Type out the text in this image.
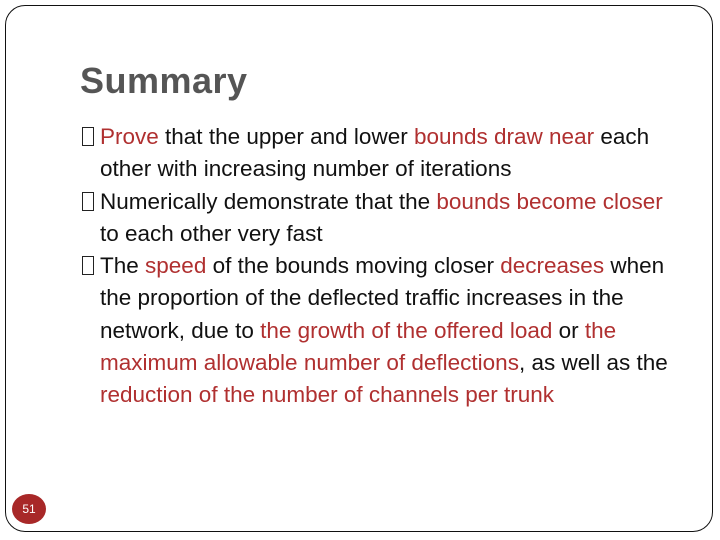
Summary
Prove that the upper and lower bounds draw near each other with increasing number of iterations
Numerically demonstrate that the bounds become closer to each other very fast
The speed of the bounds moving closer decreases when the proportion of the deflected traffic increases in the network, due to the growth of the offered load or the maximum allowable number of deflections, as well as the reduction of the number of channels per trunk
51
